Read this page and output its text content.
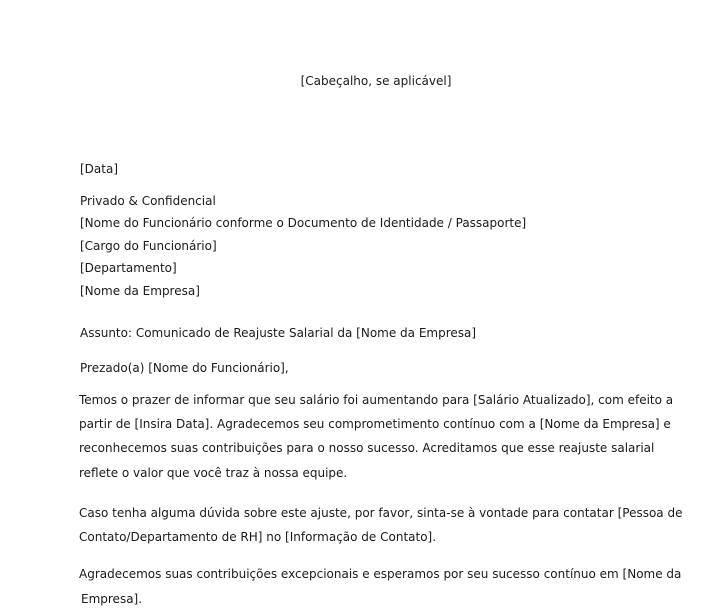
[Cabeçalho, se aplicável]
[Data]
Privado & Confidencial
[Nome do Funcionário conforme o Documento de Identidade / Passaporte]
[Cargo do Funcionário]
[Departamento]
[Nome da Empresa]
Assunto: Comunicado de Reajuste Salarial da [Nome da Empresa]
Prezado(a) [Nome do Funcionário],
Temos o prazer de informar que seu salário foi aumentando para [Salário Atualizado], com efeito a
partir de [Insira Data]. Agradecemos seu comprometimento contínuo com a [Nome da Empresa] e
reconhecemos suas contribuições para o nosso sucesso. Acreditamos que esse reajuste salarial
reflete o valor que você traz à nossa equipe.
Caso tenha alguma dúvida sobre este ajuste, por favor, sinta-se à vontade para contatar [Pessoa de
Contato/Departamento de RH] no [Informação de Contato].
Agradecemos suas contribuições excepcionais e esperamos por seu sucesso contínuo em [Nome da
Empresa].
